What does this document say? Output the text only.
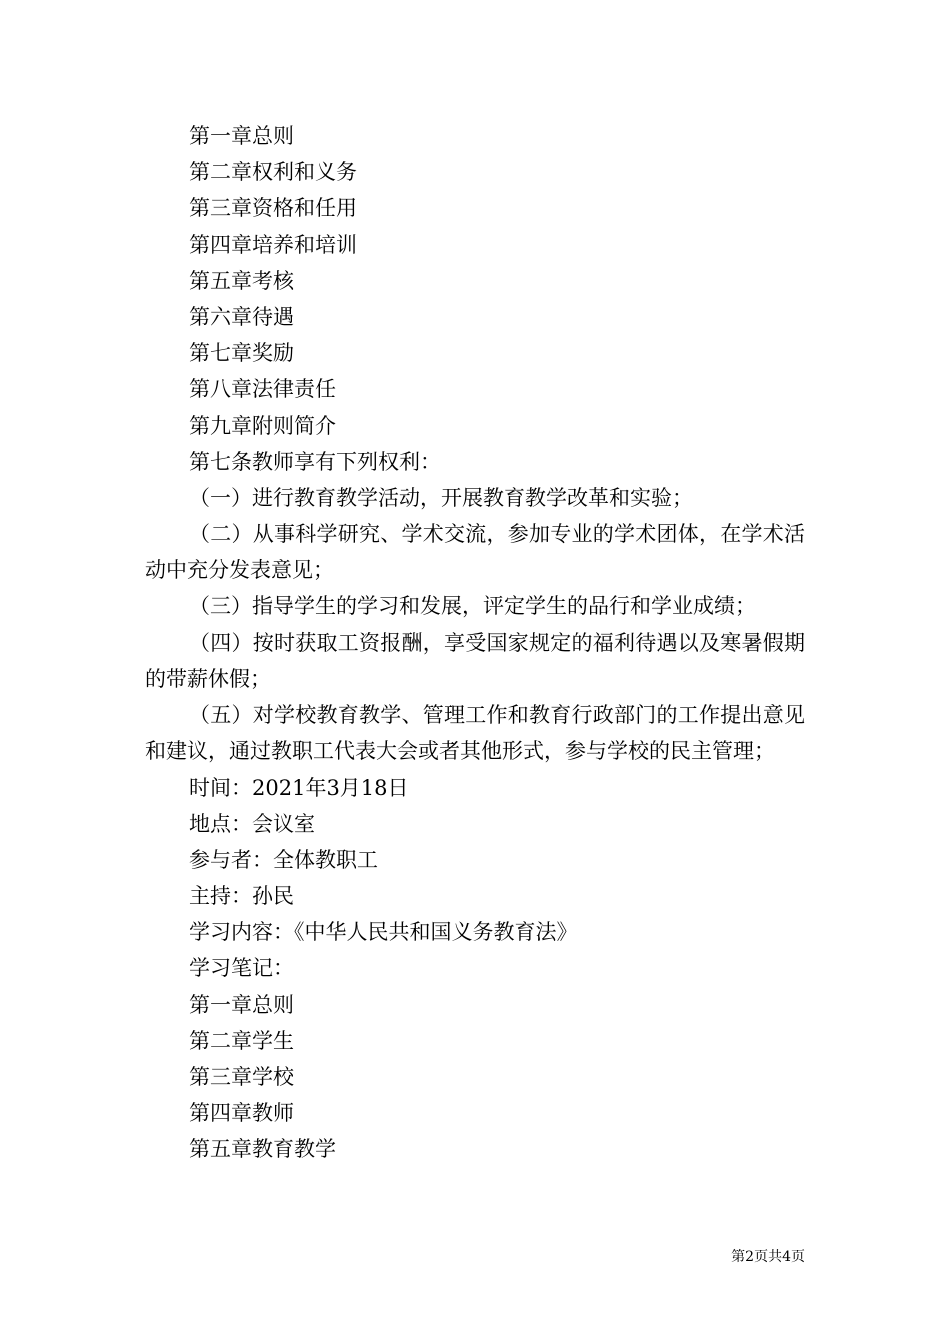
第一章总则
第二章权利和义务
第三章资格和任用
第四章培养和培训
第五章考核
第六章待遇
第七章奖励
第八章法律责任
第九章附则简介
第七条教师享有下列权利：

（一）进行教育教学活动，开展教育教学改革和实验；

（二）从事科学研究、学术交流，参加专业的学术团体，在学术活动中充分发表意见；

（三）指导学生的学习和发展，评定学生的品行和学业成绩；

（四）按时获取工资报酬，享受国家规定的福利待遇以及寒暑假期的带薪休假；

（五）对学校教育教学、管理工作和教育行政部门的工作提出意见和建议，通过教职工代表大会或者其他形式，参与学校的民主管理；

时间：2021年3月18日
地点：会议室
参与者：全体教职工
主持：孙民
学习内容：《中华人民共和国义务教育法》
学习笔记：
第一章总则
第二章学生
第三章学校
第四章教师
第五章教育教学
第2页共4页
